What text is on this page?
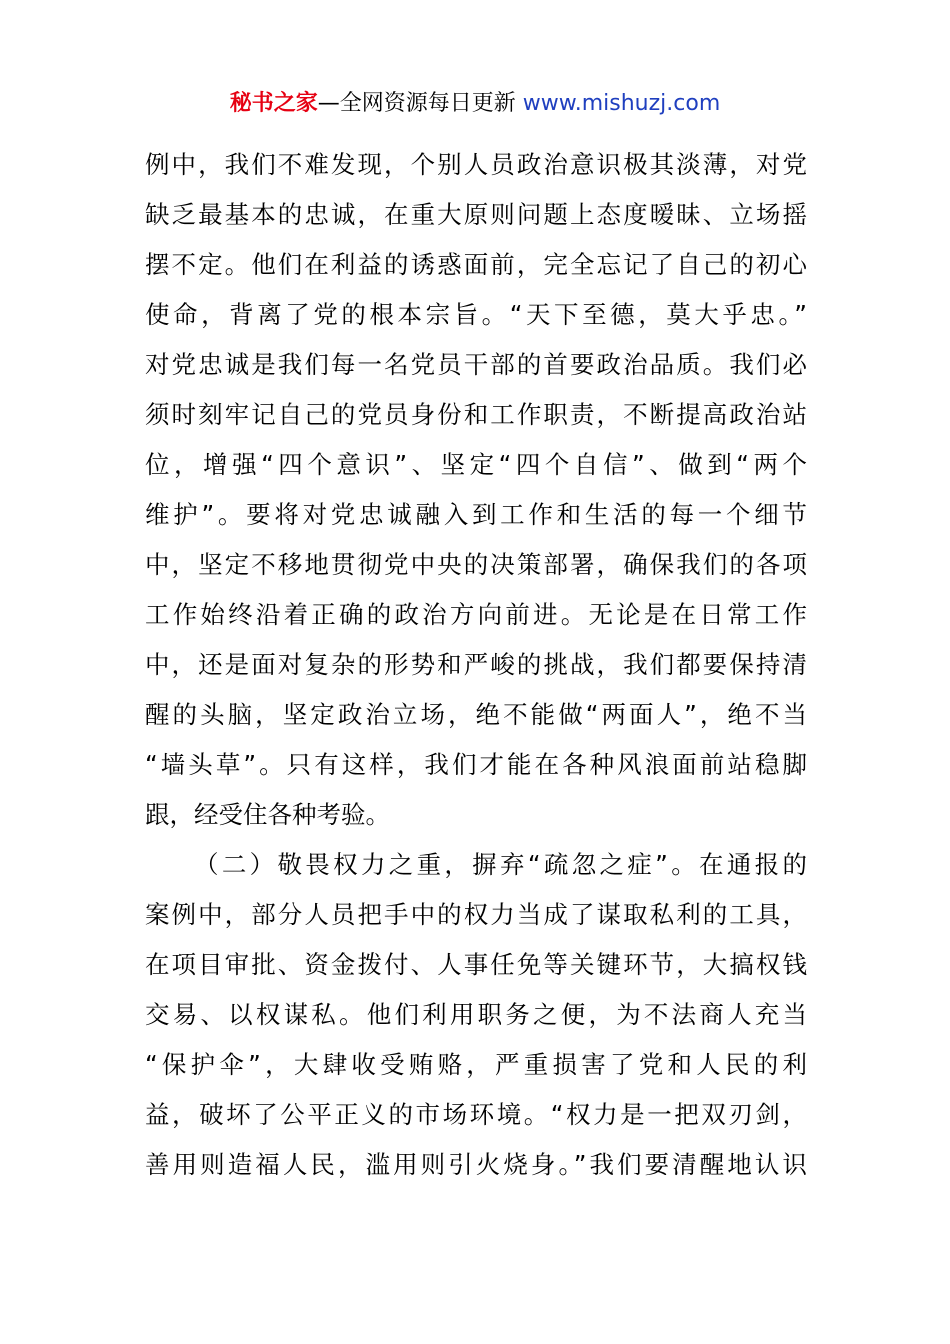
秘书之家—全网资源每日更新 www.mishuzj.com
例中，我们不难发现，个别人员政治意识极其淡薄，对党
缺乏最基本的忠诚，在重大原则问题上态度暧昧、立场摇
摆不定。他们在利益的诱惑面前，完全忘记了自己的初心
使命，背离了党的根本宗旨。“天下至德，莫大乎忠。”
对党忠诚是我们每一名党员干部的首要政治品质。我们必
须时刻牢记自己的党员身份和工作职责，不断提高政治站
位，增强“四个意识”、坚定“四个自信”、做到“两个
维护”。要将对党忠诚融入到工作和生活的每一个细节
中，坚定不移地贯彻党中央的决策部署，确保我们的各项
工作始终沿着正确的政治方向前进。无论是在日常工作
中，还是面对复杂的形势和严峻的挑战，我们都要保持清
醒的头脑，坚定政治立场，绝不能做“两面人”，绝不当
“墙头草”。只有这样，我们才能在各种风浪面前站稳脚
跟，经受住各种考验。
（二）敬畏权力之重，摒弃“疏忽之症”。在通报的
案例中，部分人员把手中的权力当成了谋取私利的工具，
在项目审批、资金拨付、人事任免等关键环节，大搞权钱
交易、以权谋私。他们利用职务之便，为不法商人充当
“保护伞”，大肆收受贿赂，严重损害了党和人民的利
益，破坏了公平正义的市场环境。“权力是一把双刃剑，
善用则造福人民，滥用则引火烧身。”我们要清醒地认识
